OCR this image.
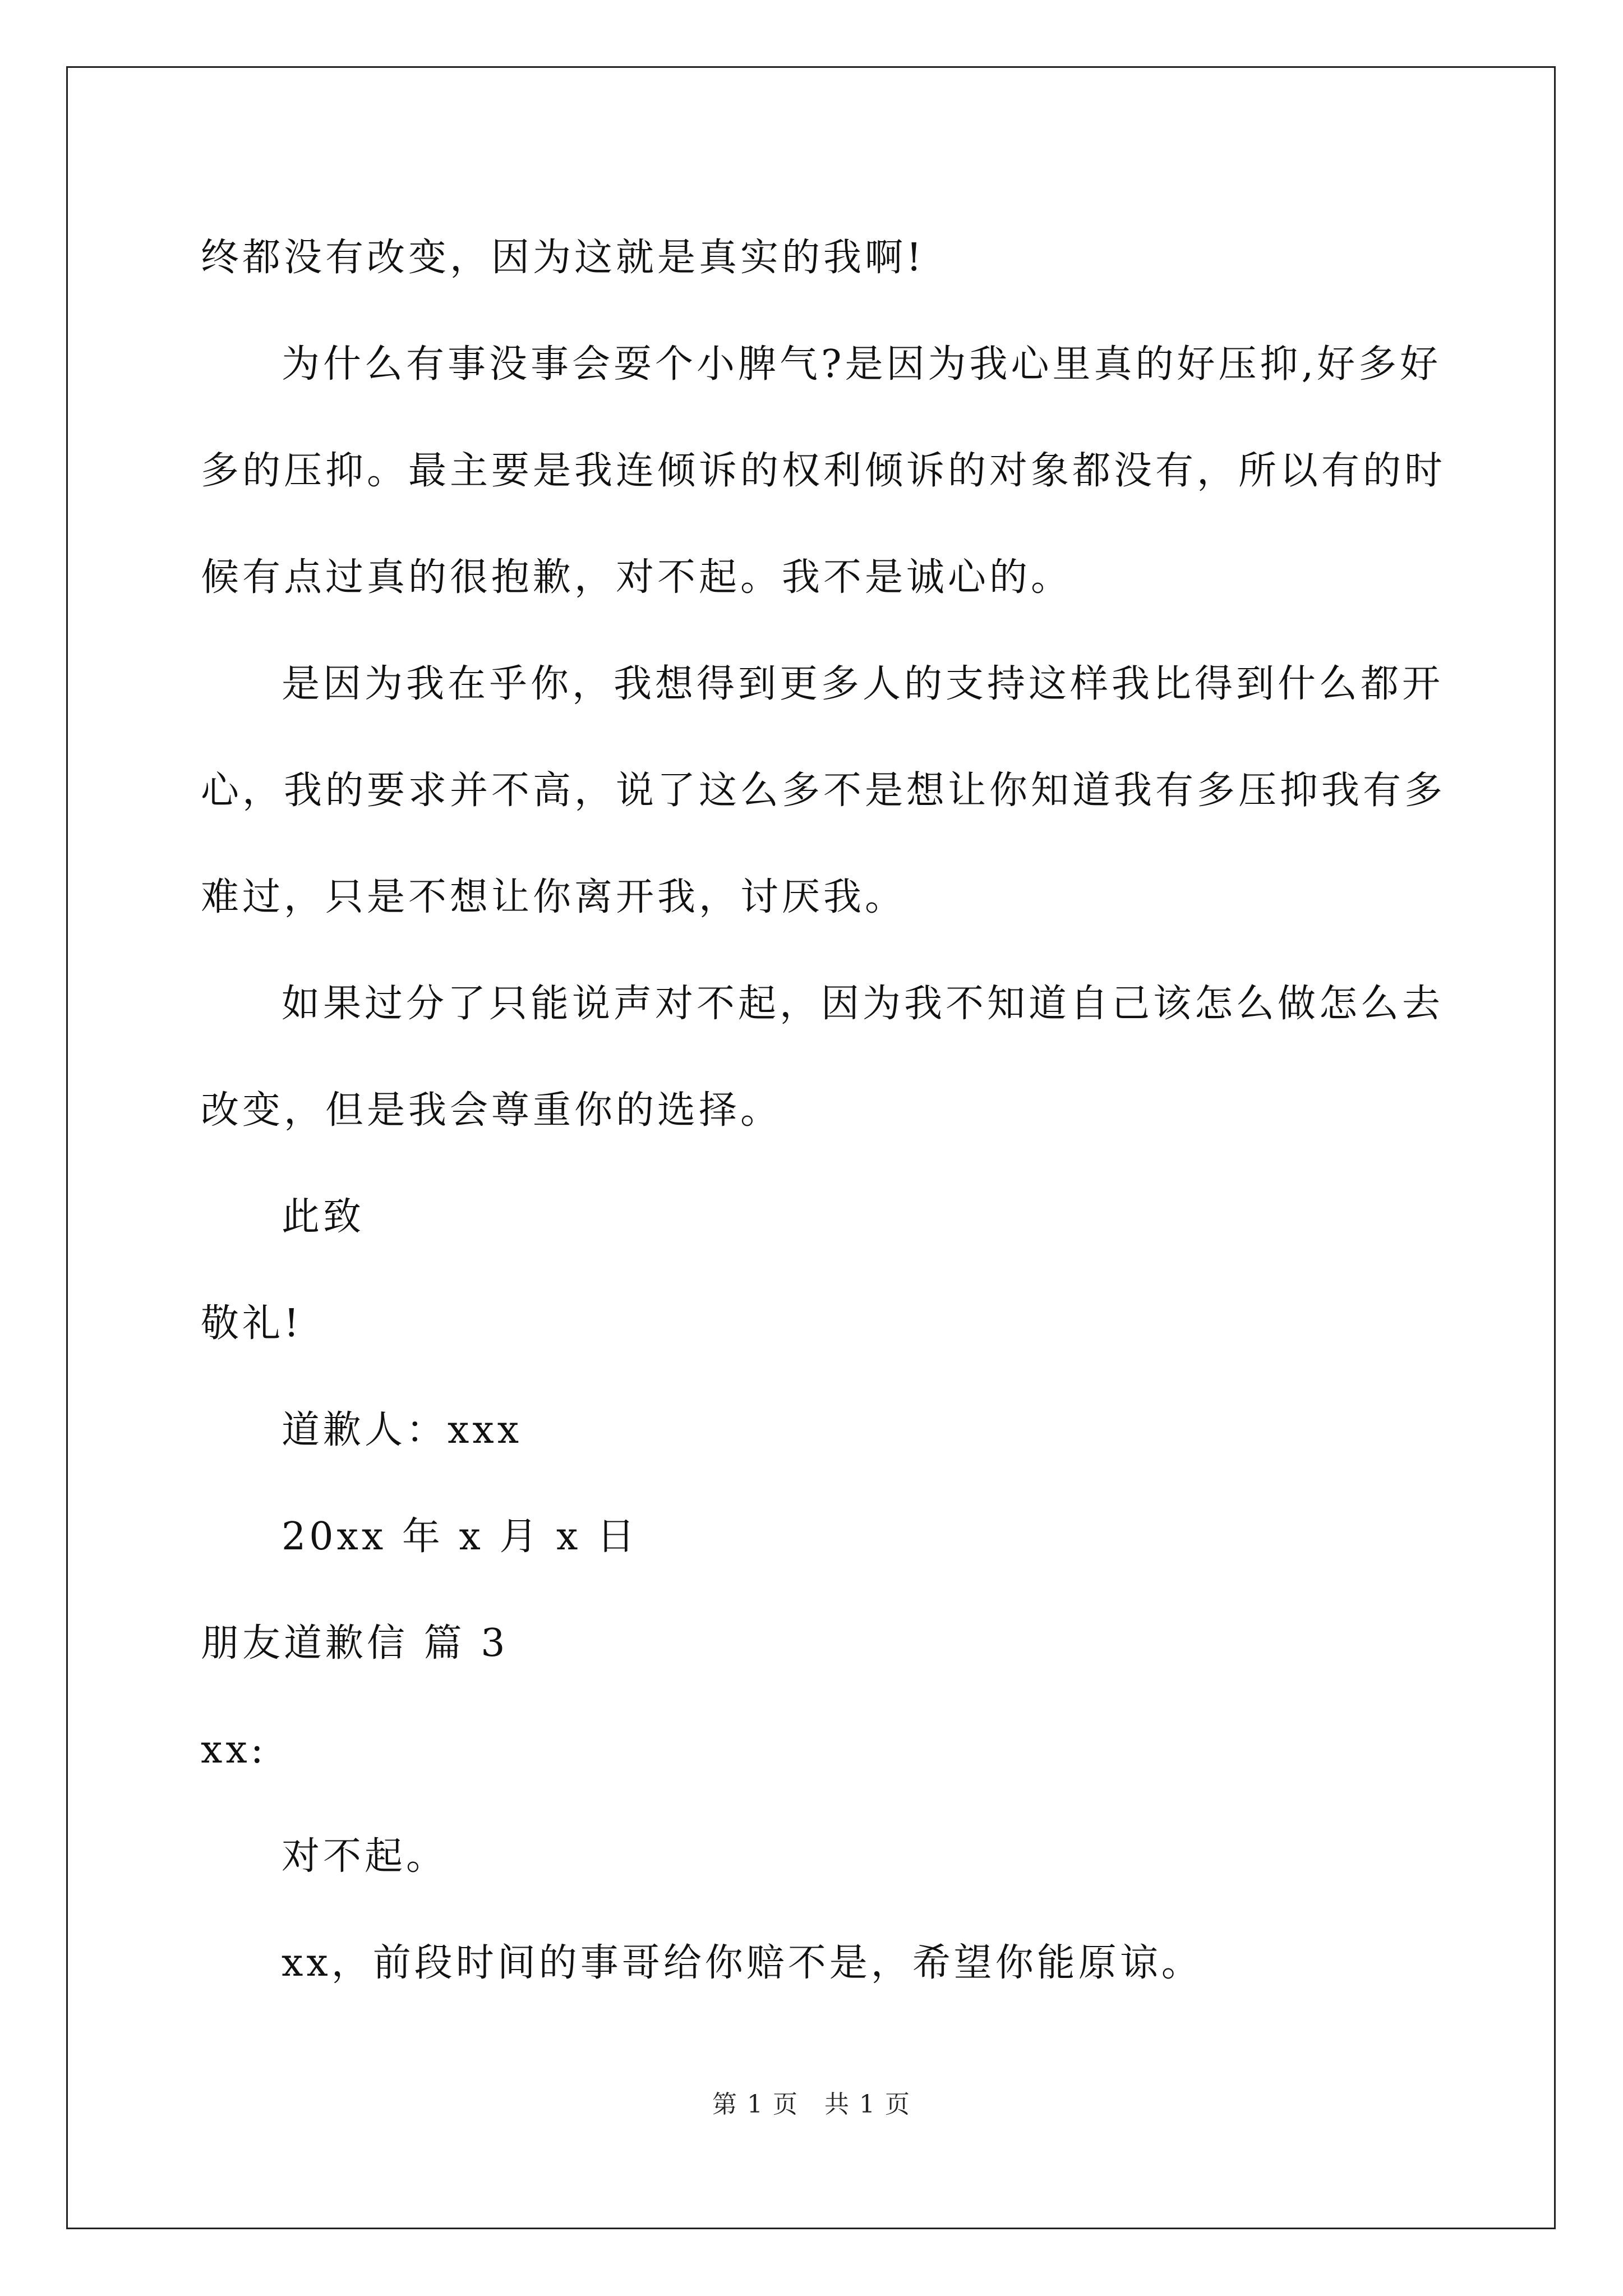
终都没有改变，因为这就是真实的我啊!
为什么有事没事会耍个小脾气?是因为我心里真的好压抑,好多好
多的压抑。最主要是我连倾诉的权利倾诉的对象都没有，所以有的时
候有点过真的很抱歉，对不起。我不是诚心的。
是因为我在乎你，我想得到更多人的支持这样我比得到什么都开
心，我的要求并不高，说了这么多不是想让你知道我有多压抑我有多
难过，只是不想让你离开我，讨厌我。
如果过分了只能说声对不起，因为我不知道自己该怎么做怎么去
改变，但是我会尊重你的选择。
此致
敬礼!
道歉人：xxx
20xx 年 x 月 x 日
朋友道歉信 篇 3
xx:
对不起。
xx，前段时间的事哥给你赔不是，希望你能原谅。
第 1 页　共 1 页
